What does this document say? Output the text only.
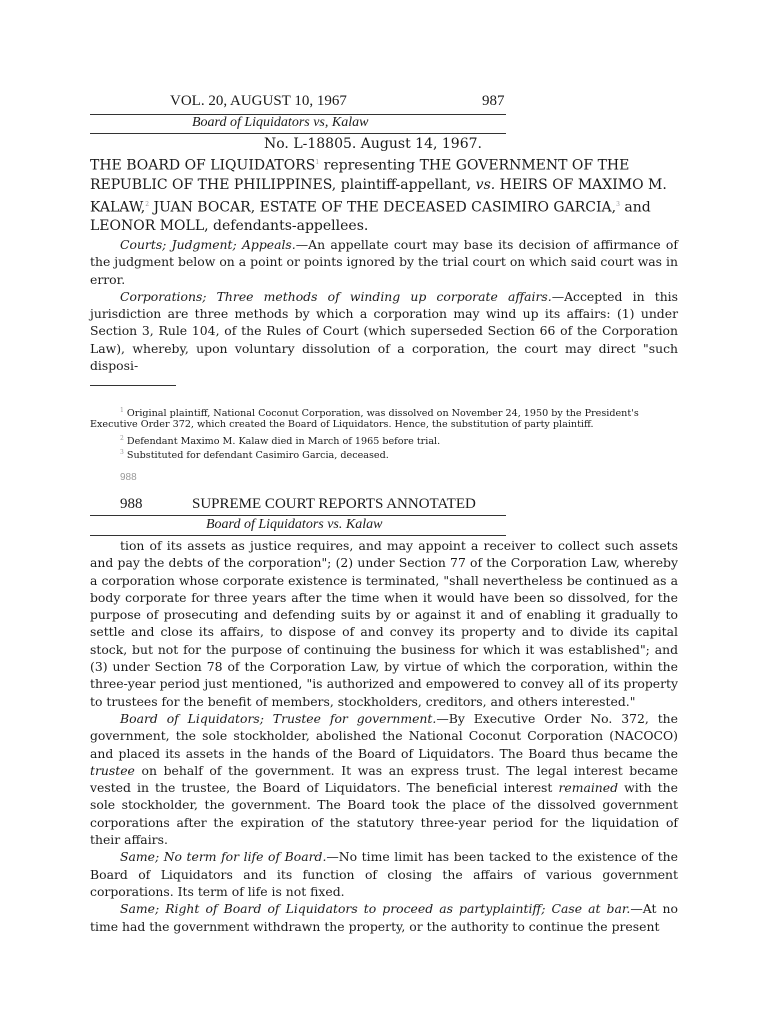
VOL. 20, AUGUST 10, 1967	987
Board of Liquidators vs, Kalaw
No. L-18805. August 14, 1967.
THE BOARD OF LIQUIDATORS$^1$ representing THE GOVERNMENT OF THE REPUBLIC OF THE PHILIPPINES, plaintiff-appellant, vs. HEIRS OF MAXIMO M. KALAW,$^2$ JUAN BOCAR, ESTATE OF THE DECEASED CASIMIRO GARCIA,$^3$ and LEONOR MOLL, defendants-appellees.

Courts; Judgment; Appeals.—An appellate court may base its decision of affirmance of the judgment below on a point or points ignored by the trial court on which said court was in error.

Corporations; Three methods of winding up corporate affairs.—Accepted in this jurisdiction are three methods by which a corporation may wind up its affairs: (1) under Section 3, Rule 104, of the Rules of Court (which superseded Section 66 of the Corporation Law), whereby, upon voluntary dissolution of a corporation, the court may direct "such disposi-

$^1$ Original plaintiff, National Coconut Corporation, was dissolved on November 24, 1950 by the President's
Executive Order 372, which created the Board of Liquidators. Hence, the substitution of party plaintiff.
$^2$ Defendant Maximo M. Kalaw died in March of 1965 before trial.
$^3$ Substituted for defendant Casimiro Garcia, deceased.
988
988	SUPREME COURT REPORTS ANNOTATED
Board of Liquidators vs. Kalaw

tion of its assets as justice requires, and may appoint a receiver to collect such assets and pay the debts of the corporation"; (2) under Section 77 of the Corporation Law, whereby a corporation whose corporate existence is terminated, "shall nevertheless be continued as a body corporate for three years after the time when it would have been so dissolved, for the purpose of prosecuting and defending suits by or against it and of enabling it gradually to settle and close its affairs, to dispose of and convey its property and to divide its capital stock, but not for the purpose of continuing the business for which it was established"; and (3) under Section 78 of the Corporation Law, by virtue of which the corporation, within the three-year period just mentioned, "is authorized and empowered to convey all of its property to trustees for the benefit of members, stockholders, creditors, and others interested."

Board of Liquidators; Trustee for government.—By Executive Order No. 372, the government, the sole stockholder, abolished the National Coconut Corporation (NACOCO) and placed its assets in the hands of the Board of Liquidators. The Board thus became the trustee on behalf of the government. It was an express trust. The legal interest became vested in the trustee, the Board of Liquidators. The beneficial interest remained with the sole stockholder, the government. The Board took the place of the dissolved government corporations after the expiration of the statutory three-year period for the liquidation of their affairs.

Same; No term for life of Board.—No time limit has been tacked to the existence of the Board of Liquidators and its function of closing the affairs of various government corporations. Its term of life is not fixed.

Same; Right of Board of Liquidators to proceed as partyplaintiff; Case at bar.—At no time had the government withdrawn the property, or the authority to continue the present
